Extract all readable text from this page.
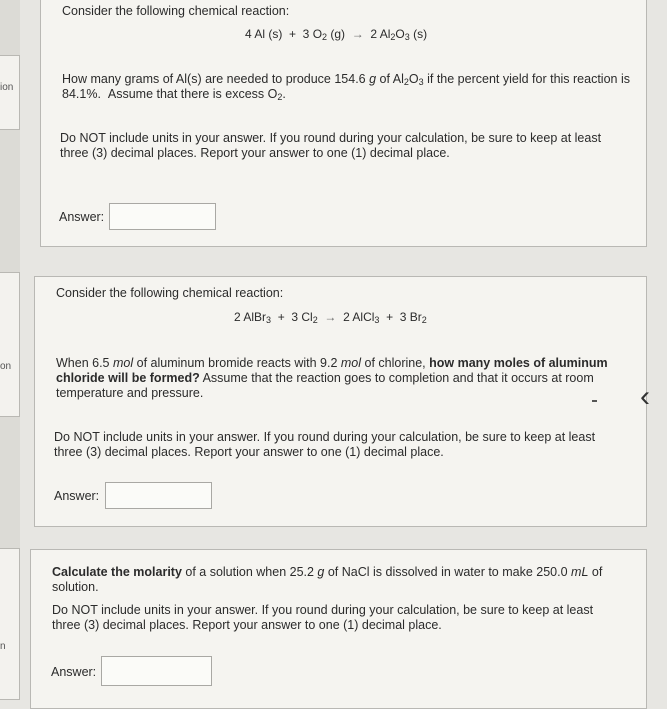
ion
on
n
Consider the following chemical reaction:
4 Al (s)  +  3 $O_2$ (g)  →  2 $Al_2O_3$ (s)
How many grams of Al(s) are needed to produce 154.6 g of $Al_2O_3$ if the percent yield for this reaction is 84.1%.  Assume that there is excess $O_2$.
Do NOT include units in your answer. If you round during your calculation, be sure to keep at least three (3) decimal places. Report your answer to one (1) decimal place.
Answer:
Consider the following chemical reaction:
2 AlBr$_3$  +  3 $Cl_2 \to 2$ AlCl$_3$  +  3 $Br_2$
When 6.5 mol of aluminum bromide reacts with 9.2 mol of chlorine, how many moles of aluminum chloride will be formed? Assume that the reaction goes to completion and that it occurs at room temperature and pressure.
Do NOT include units in your answer. If you round during your calculation, be sure to keep at least three (3) decimal places. Report your answer to one (1) decimal place.
Answer:
Calculate the molarity of a solution when 25.2 g of NaCl is dissolved in water to make 250.0 mL of solution.
Do NOT include units in your answer. If you round during your calculation, be sure to keep at least three (3) decimal places. Report your answer to one (1) decimal place.
Answer:
‹
